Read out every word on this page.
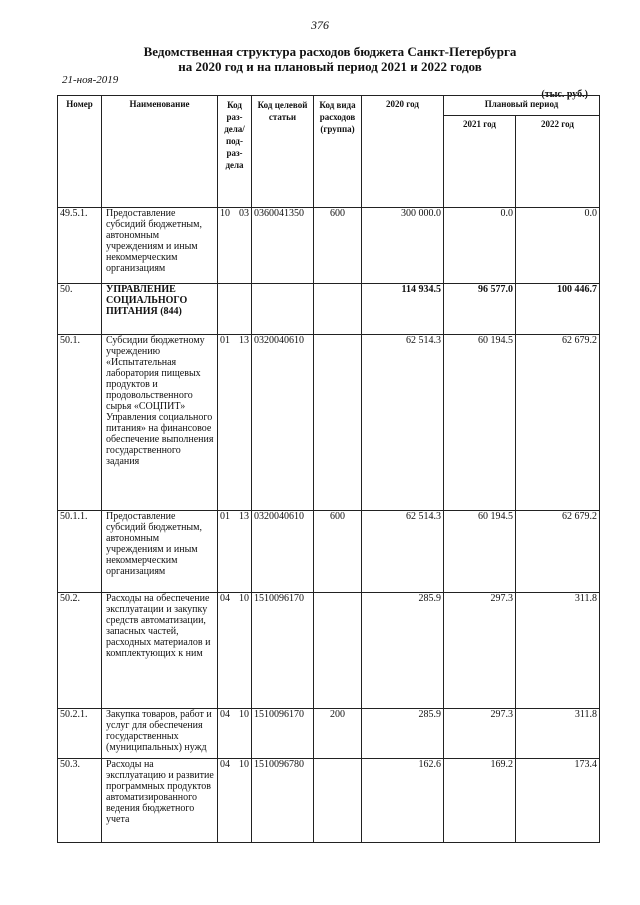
376
Ведомственная структура расходов бюджета Санкт-Петербурга
на 2020 год и на плановый период 2021 и 2022 годов
21-ноя-2019
(тыс. руб.)
Номер	Наименование	Код раз- дела/ под- раз- дела		Код целевой статьи	Код вида расходов (группа)	2020 год	Плановый период	
							2021 год	2022 год
49.5.1.	Предоставление субсидий бюджетным, автономным учреждениям и иным некоммерческим организациям	10	03	0360041350	600	300 000.0	0.0	0.0
50.	УПРАВЛЕНИЕ СОЦИАЛЬНОГО ПИТАНИЯ (844)					114 934.5	96 577.0	100 446.7
50.1.	Субсидии бюджетному учреждению «Испытательная лаборатория пищевых продуктов и продовольственного сырья «СОЦПИТ» Управления социального питания» на финансовое обеспечение выполнения государственного задания	01	13	0320040610		62 514.3	60 194.5	62 679.2
50.1.1.	Предоставление субсидий бюджетным, автономным учреждениям и иным некоммерческим организациям	01	13	0320040610	600	62 514.3	60 194.5	62 679.2
50.2.	Расходы на обеспечение эксплуатации и закупку средств автоматизации, запасных частей, расходных материалов и комплектующих к ним	04	10	1510096170		285.9	297.3	311.8
50.2.1.	Закупка товаров, работ и услуг для обеспечения государственных (муниципальных) нужд	04	10	1510096170	200	285.9	297.3	311.8
50.3.	Расходы на эксплуатацию и развитие программных продуктов автоматизированного ведения бюджетного учета	04	10	1510096780		162.6	169.2	173.4
